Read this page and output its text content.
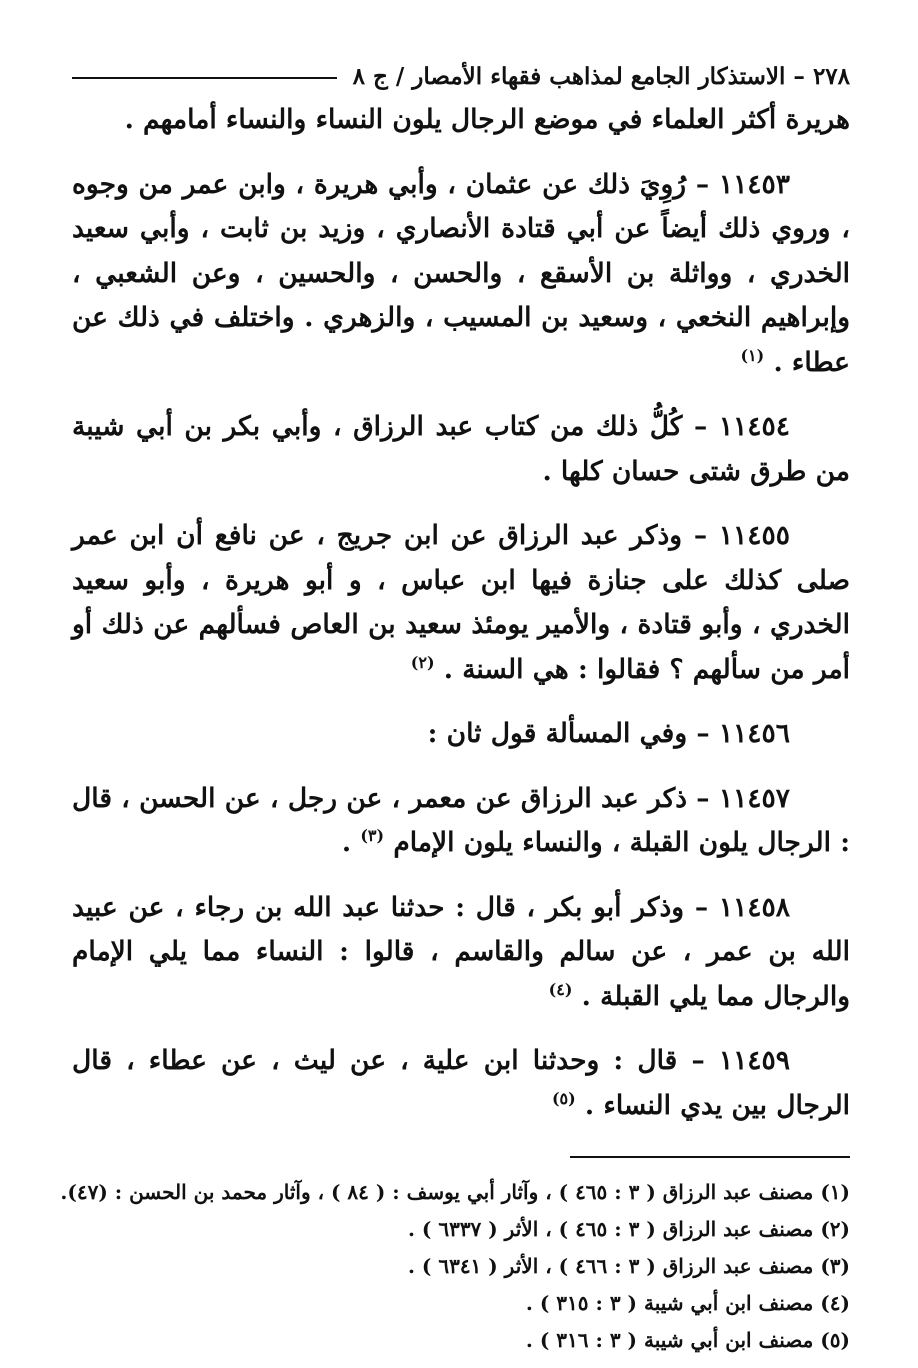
٢٧٨ – الاستذكار الجامع لمذاهب فقهاء الأمصار / ج ٨

هريرة أكثر العلماء في موضع الرجال يلون النساء والنساء أمامهم .

١١٤٥٣ – رُوِيَ ذلك عن عثمان ، وأبي هريرة ، وابن عمر من وجوه ، وروي ذلك أيضاً عن أبي قتادة الأنصاري ، وزيد بن ثابت ، وأبي سعيد الخدري ، وواثلة بن الأسقع ، والحسن ، والحسين ، وعن الشعبي ، وإبراهيم النخعي ، وسعيد بن المسيب ، والزهري . واختلف في ذلك عن عطاء . $^{(١)}$

١١٤٥٤ – كُلُّ ذلك من كتاب عبد الرزاق ، وأبي بكر بن أبي شيبة من طرق شتى حسان كلها .

١١٤٥٥ – وذكر عبد الرزاق عن ابن جريج ، عن نافع أن ابن عمر صلى كذلك على جنازة فيها ابن عباس ، و أبو هريرة ، وأبو سعيد الخدري ، وأبو قتادة ، والأمير يومئذ سعيد بن العاص فسألهم عن ذلك أو أمر من سألهم ؟ فقالوا : هي السنة . $^{(٢)}$

١١٤٥٦ – وفي المسألة قول ثان :

١١٤٥٧ – ذكر عبد الرزاق عن معمر ، عن رجل ، عن الحسن ، قال : الرجال يلون القبلة ، والنساء يلون الإمام $^{(٣)}$ .

١١٤٥٨ – وذكر أبو بكر ، قال : حدثنا عبد الله بن رجاء ، عن عبيد الله بن عمر ، عن سالم والقاسم ، قالوا : النساء مما يلي الإمام والرجال مما يلي القبلة . $^{(٤)}$

١١٤٥٩ – قال : وحدثنا ابن علية ، عن ليث ، عن عطاء ، قال الرجال بين يدي النساء . $^{(٥)}$

(١) مصنف عبد الرزاق ( ٣ : ٤٦٥ ) ، وآثار أبي يوسف : ( ٨٤ ) ، وآثار محمد بن الحسن : (٤٧).
(٢) مصنف عبد الرزاق ( ٣ : ٤٦٥ ) ، الأثر ( ٦٣٣٧ ) .
(٣) مصنف عبد الرزاق ( ٣ : ٤٦٦ ) ، الأثر ( ٦٣٤١ ) .
(٤) مصنف ابن أبي شيبة ( ٣ : ٣١٥ ) .
(٥) مصنف ابن أبي شيبة ( ٣ : ٣١٦ ) .
